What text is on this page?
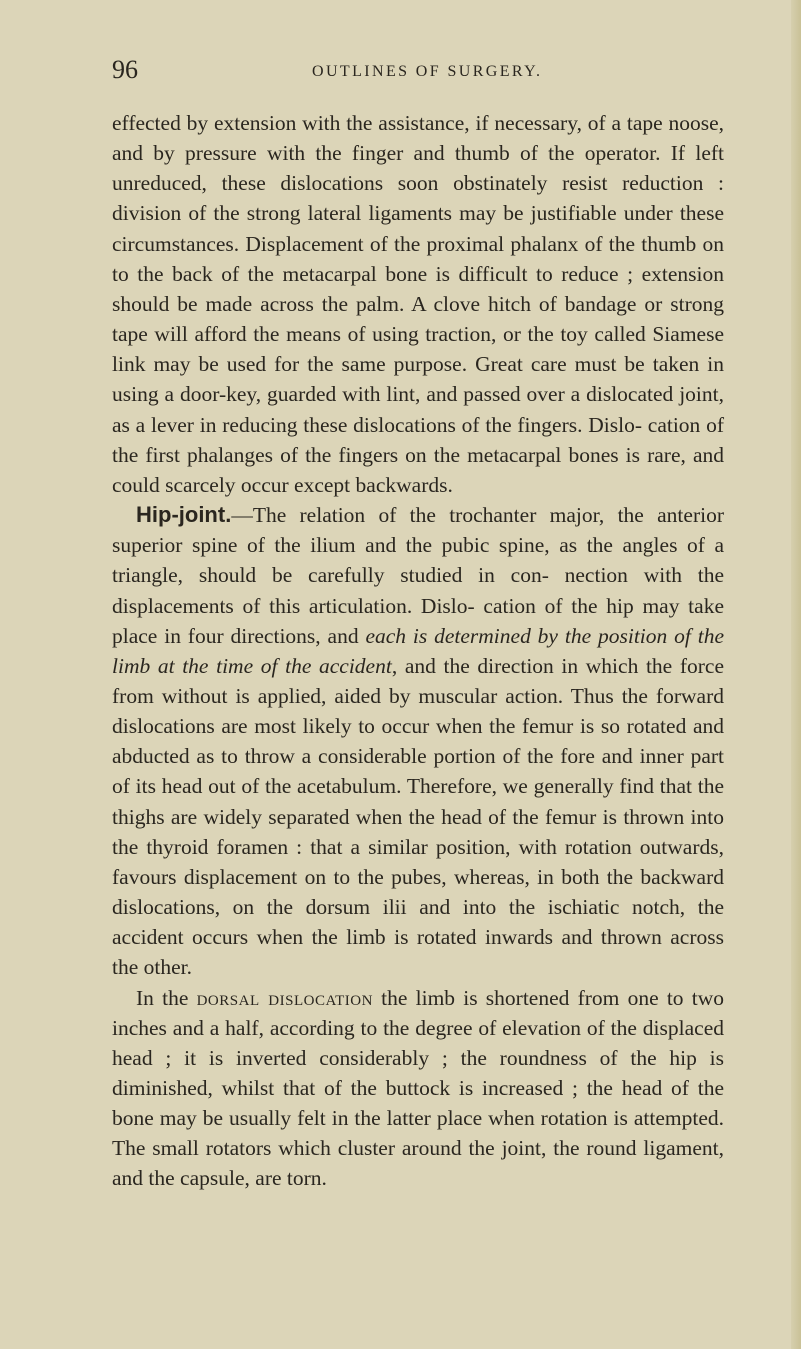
96	OUTLINES OF SURGERY.

effected by extension with the assistance, if necessary, of a tape noose, and by pressure with the finger and thumb of the operator. If left unreduced, these dislocations soon obstinately resist reduction : division of the strong lateral ligaments may be justifiable under these circumstances. Displacement of the proximal phalanx of the thumb on to the back of the metacarpal bone is difficult to reduce ; extension should be made across the palm. A clove hitch of bandage or strong tape will afford the means of using traction, or the toy called Siamese link may be used for the same purpose. Great care must be taken in using a door-key, guarded with lint, and passed over a dislocated joint, as a lever in reducing these dislocations of the fingers. Dislo- cation of the first phalanges of the fingers on the metacarpal bones is rare, and could scarcely occur except backwards.

Hip-joint.—The relation of the trochanter major, the anterior superior spine of the ilium and the pubic spine, as the angles of a triangle, should be carefully studied in con- nection with the displacements of this articulation. Dislo- cation of the hip may take place in four directions, and each is determined by the position of the limb at the time of the accident, and the direction in which the force from without is applied, aided by muscular action. Thus the forward dislocations are most likely to occur when the femur is so rotated and abducted as to throw a considerable portion of the fore and inner part of its head out of the acetabulum. Therefore, we generally find that the thighs are widely separated when the head of the femur is thrown into the thyroid foramen : that a similar position, with rotation outwards, favours displacement on to the pubes, whereas, in both the backward dislocations, on the dorsum ilii and into the ischiatic notch, the accident occurs when the limb is rotated inwards and thrown across the other.

In the dorsal dislocation the limb is shortened from one to two inches and a half, according to the degree of elevation of the displaced head ; it is inverted considerably ; the roundness of the hip is diminished, whilst that of the buttock is increased ; the head of the bone may be usually felt in the latter place when rotation is attempted. The small rotators which cluster around the joint, the round ligament, and the capsule, are torn.
